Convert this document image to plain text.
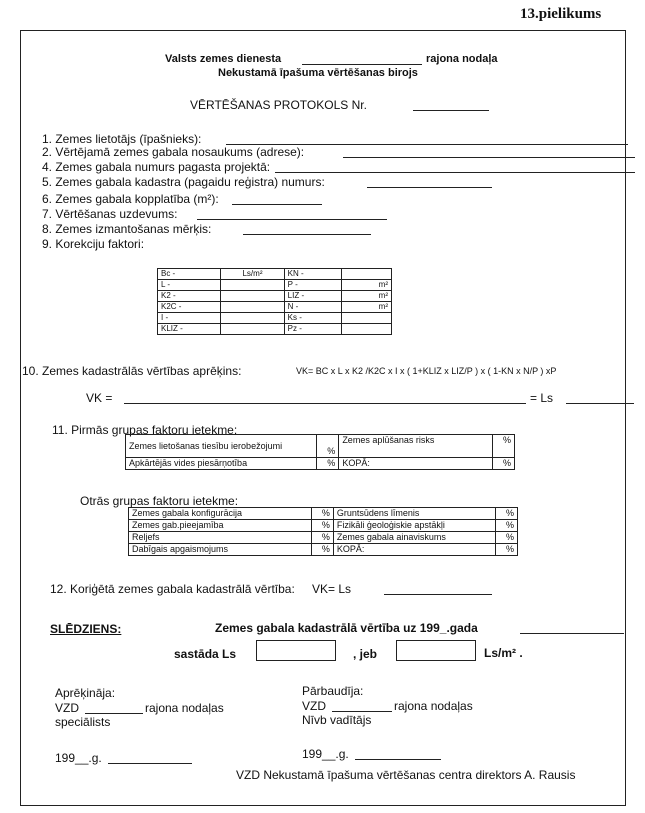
13.pielikums
Valsts zemes dienesta	rajona nodaļa
Nekustamā īpašuma vērtēšanas birojs
VĒRTĒŠANAS PROTOKOLS Nr.
1. Zemes lietotājs (īpašnieks):
2. Vērtējamā zemes gabala nosaukums (adrese):
4. Zemes gabala numurs pagasta projektā:
5. Zemes gabala kadastra (pagaidu reģistra) numurs:
6. Zemes gabala kopplatība (m²):
7. Vērtēšanas uzdevums:
8. Zemes izmantošanas mērķis:
9. Korekciju faktori:
Bc -	Ls/m²	KN -	
L -		P -	m²
K2 -		LIZ -	m²
K2C -		N -	m²
I -		Ks -	
KLIZ -		Pz -	
10. Zemes kadastrālās vērtības aprēķins:	VK= BC x L x K2 /K2C x I x ( 1+KLIZ x LIZ/P ) x ( 1-KN x N/P ) xP
VK =	= Ls
11. Pirmās grupas faktoru ietekme:
Zemes lietošanas tiesību ierobežojumi	%	Zemes aplūšanas risks	%
Apkārtējās vides piesārņotība	%	KOPĀ:	%
Otrās grupas faktoru ietekme:
Zemes gabala konfigurācija	%	Gruntsūdens līmenis	%
Zemes gab.pieejamība	%	Fizikāli ģeoloģiskie apstākļi	%
Reljefs	%	Zemes gabala ainaviskums	%
Dabīgais apgaismojums	%	KOPĀ:	%
12. Koriģētā zemes gabala kadastrālā vērtība: VK= Ls
SLĒDZIENS:	Zemes gabala kadastrālā vērtība uz 199_.gada
sastāda Ls	, jeb	Ls/m² .
Aprēķināja:
VZD	rajona nodaļas
speciālists
Pārbaudīja:
VZD	rajona nodaļas
Nīvb vadītājs
199__.g.	199__.g.
VZD Nekustamā īpašuma vērtēšanas centra direktors A. Rausis
